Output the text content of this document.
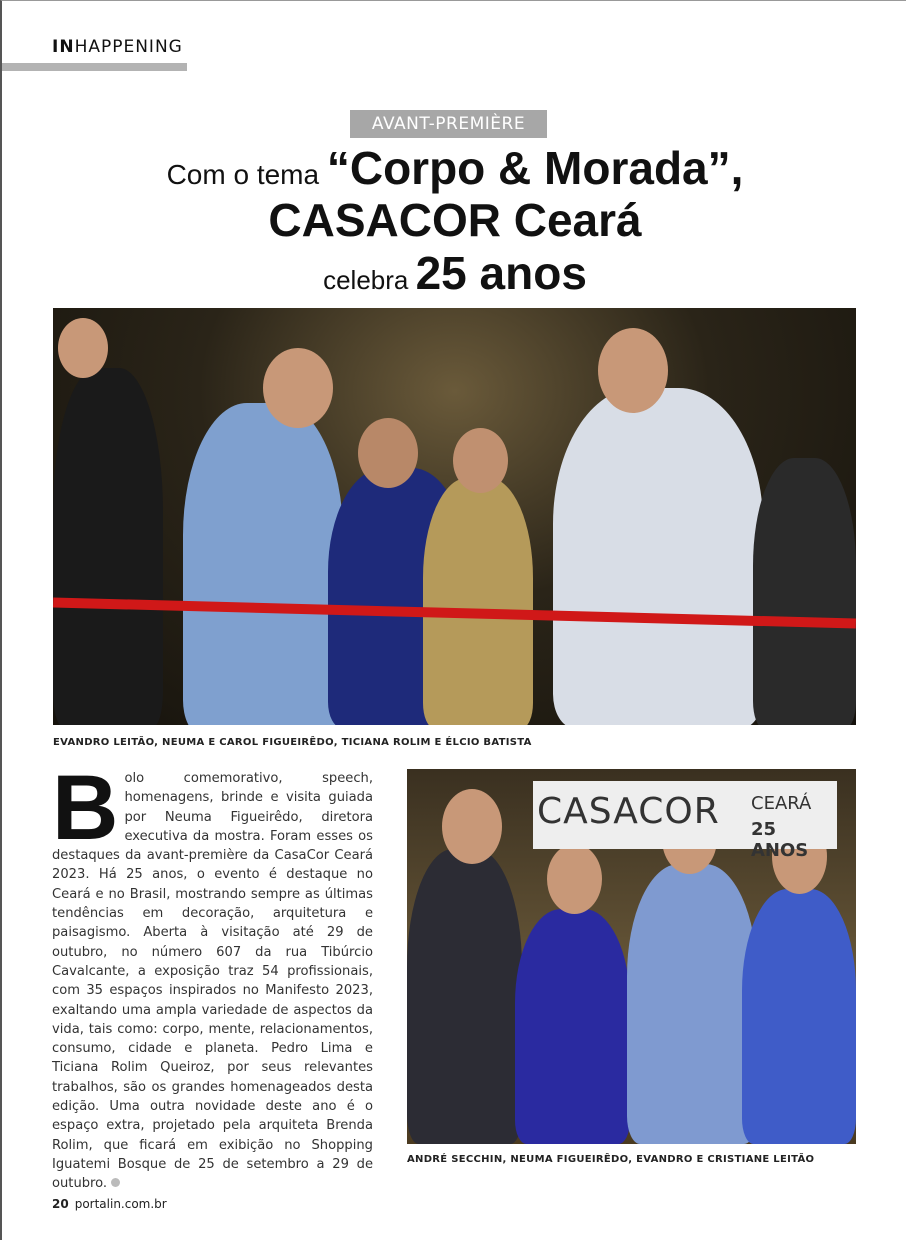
INHAPPENING
AVANT-PREMIÈRE
Com o tema “Corpo & Morada”,
CASACOR Ceará
celebra 25 anos
EVANDRO LEITÃO, NEUMA E CAROL FIGUEIRÊDO, TICIANA ROLIM E ÉLCIO BATISTA
Bolo comemorativo, speech, homenagens, brinde e visita guiada por Neuma Figueirêdo, diretora executiva da mostra. Foram esses os destaques da avant-première da CasaCor Ceará 2023. Há 25 anos, o evento é destaque no Ceará e no Brasil, mostrando sempre as últimas tendências em decoração, arquitetura e paisagismo. Aberta à visitação até 29 de outubro, no número 607 da rua Tibúrcio Cavalcante, a exposição traz 54 profissionais, com 35 espaços inspirados no Manifesto 2023, exaltando uma ampla variedade de aspectos da vida, tais como: corpo, mente, relacionamentos, consumo, cidade e planeta. Pedro Lima e Ticiana Rolim Queiroz, por seus relevantes trabalhos, são os grandes homenageados desta edição. Uma outra novidade deste ano é o espaço extra, projetado pela arquiteta Brenda Rolim, que ficará em exibição no Shopping Iguatemi Bosque de 25 de setembro a 29 de outubro.
CASACOR CEARÁ
25 ANOS
ANDRÉ SECCHIN, NEUMA FIGUEIRÊDO, EVANDRO E CRISTIANE LEITÃO
20 portalin.com.br
